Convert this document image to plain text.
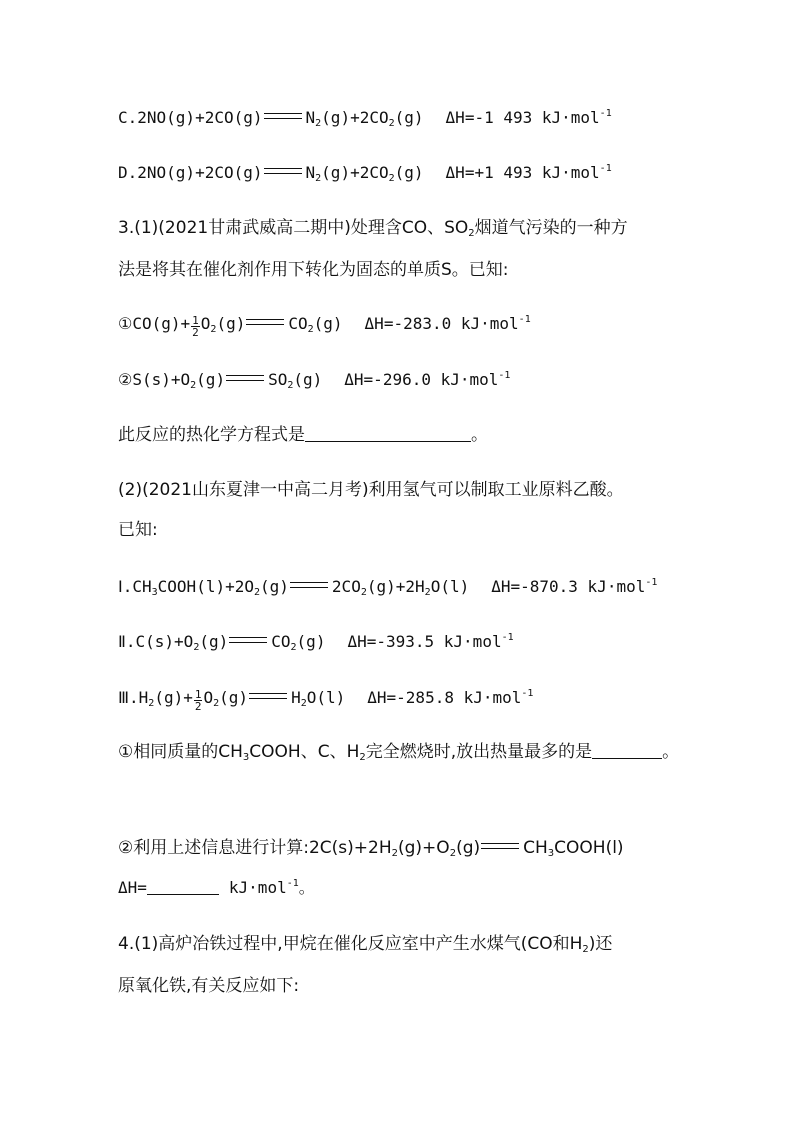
C.2NO(g)+2CO(g)	$N_2(g)+2CO_2(g)$ ΔH=-1 493 kJ·mol$^{-1}$
D.2NO(g)+2CO(g)	$N_2(g)+2CO_2(g)$ ΔH=+1 493 kJ·mol$^{-1}$
3.(1)(2021甘肃武威高二期中)处理含CO、$SO_2$烟道气污染的一种方
法是将其在催化剂作用下转化为固态的单质S。已知:
①CO(g)+ $\frac{1}{2} O_2(g)$	$CO_2(g)$ ΔH=-283.0 kJ·mol$^{-1}$
$②S(s)+O_2(g)$	$SO_2(g)$ ΔH=-296.0 kJ·mol$^{-1}$
此反应的热化学方程式是	。
(2)(2021山东夏津一中高二月考)利用氢气可以制取工业原料乙酸。
已知:
$Ⅰ.CH_3COOH(l)+2O_2(g)$	$2CO_2(g)+2H_2O(l)$ ΔH=-870.3 kJ·mol$^{-1}$
$Ⅱ.C(s)+O_2(g)$	$CO_2(g)$ ΔH=-393.5 kJ·mol$^{-1}$
$Ⅲ.H_2(g)+ \frac{1}{2} O_2(g)$	$H_2O(l)$ ΔH=-285.8 kJ·mol$^{-1}$
①相同质量的$CH_3COOH$、C、$H_2$完全燃烧时,放出热量最多的是	。
②利用上述信息进行计算$:2C(s)+2H_2(g)+O_2(g)$	$CH_3COOH(l)$
ΔH=	kJ·mol$^{-1}$。
4.(1)高炉冶铁过程中,甲烷在催化反应室中产生水煤气(CO和$H_2$)还
原氧化铁,有关反应如下:
